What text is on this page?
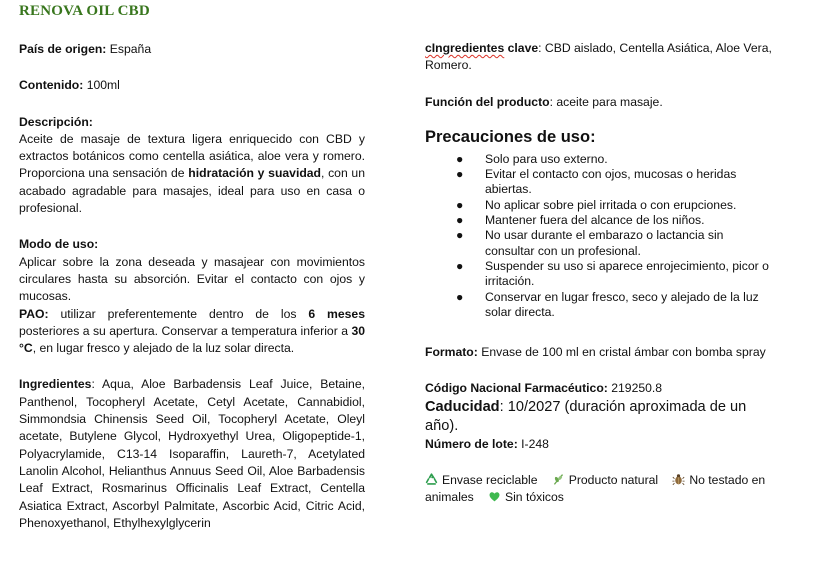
RENOVA OIL CBD

País de origen: España

Contenido: 100ml

Descripción:

Aceite de masaje de textura ligera enriquecido con CBD y extractos botánicos como centella asiática, aloe vera y romero. Proporciona una sensación de hidratación y suavidad, con un acabado agradable para masajes, ideal para uso en casa o profesional.

Modo de uso:

Aplicar sobre la zona deseada y masajear con movimientos circulares hasta su absorción. Evitar el contacto con ojos y mucosas.

PAO: utilizar preferentemente dentro de los 6 meses posteriores a su apertura. Conservar a temperatura inferior a 30 °C, en lugar fresco y alejado de la luz solar directa.

Ingredientes: Aqua, Aloe Barbadensis Leaf Juice, Betaine, Panthenol, Tocopheryl Acetate, Cetyl Acetate, Cannabidiol, Simmondsia Chinensis Seed Oil, Tocopheryl Acetate, Oleyl acetate, Butylene Glycol, Hydroxyethyl Urea, Oligopeptide-1, Polyacrylamide, C13-14 Isoparaffin, Laureth-7, Acetylated Lanolin Alcohol, Helianthus Annuus Seed Oil, Aloe Barbadensis Leaf Extract, Rosmarinus Officinalis Leaf Extract, Centella Asiatica Extract, Ascorbyl Palmitate, Ascorbic Acid, Citric Acid, Phenoxyethanol, Ethylhexylglycerin

cIngredientes clave: CBD aislado, Centella Asiática, Aloe Vera, Romero.

Función del producto: aceite para masaje.

Precauciones de uso:

● Solo para uso externo.
● Evitar el contacto con ojos, mucosas o heridas abiertas.
● No aplicar sobre piel irritada o con erupciones.
● Mantener fuera del alcance de los niños.
● No usar durante el embarazo o lactancia sin consultar con un profesional.
● Suspender su uso si aparece enrojecimiento, picor o irritación.
● Conservar en lugar fresco, seco y alejado de la luz solar directa.

Formato: Envase de 100 ml en cristal ámbar con bomba spray

Código Nacional Farmacéutico: 219250.8

Caducidad: 10/2027 (duración aproximada de un año).

Número de lote: I-248

Envase reciclable	Producto natural	No testado en animales	Sin tóxicos
